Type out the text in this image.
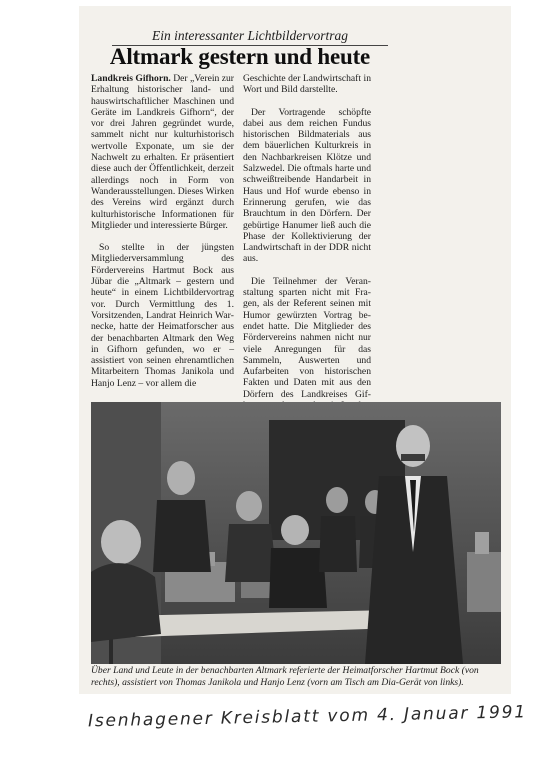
Ein interessanter Lichtbildervortrag
Altmark gestern und heute

Landkreis Gifhorn. Der „Verein zur Erhaltung historischer land- und hauswirtschaftlicher Maschinen und Geräte im Landkreis Gifhorn“, der vor drei Jahren gegründet wurde, sammelt nicht nur kulturhistorisch wertvolle Exponate, um sie der Nachwelt zu erhalten. Er präsentiert diese auch der Öffentlichkeit, derzeit allerdings noch in Form von Wanderausstellungen. Dieses Wirken des Vereins wird ergänzt durch kulturhistorische Informationen für Mitglieder und interessierte Bürger.

So stellte in der jüngsten Mitgliederversammlung des Fördervereins Hartmut Bock aus Jübar die „Altmark – gestern und heute“ in einem Lichtbildervortrag vor. Durch Vermittlung des 1. Vorsitzenden, Landrat Heinrich Warnecke, hatte der Heimatforscher aus der benachbarten Altmark den Weg in Gifhorn gefunden, wo er – assistiert von seinen ehrenamtlichen Mitarbeitern Thomas Janikola und Hanjo Lenz – vor allem die

Geschichte der Landwirtschaft in Wort und Bild darstellte.

Der Vortragende schöpfte dabei aus dem reichen Fundus historischen Bildmaterials aus dem bäuerlichen Kulturkreis in den Nachbarkreisen Klötze und Salzwedel. Die oftmals harte und schweißtreibende Handarbeit in Haus und Hof wurde ebenso in Erinnerung gerufen, wie das Brauchtum in den Dörfern. Der gebürtige Hanumer ließ auch die Phase der Kollektivierung der Landwirtschaft in der DDR nicht aus.

Die Teilnehmer der Veranstaltung sparten nicht mit Fragen, als der Referent seinen mit Humor gewürzten Vortrag beendet hatte. Die Mitglieder des Fördervereins nahmen nicht nur viele Anregungen für das Sammeln, Auswerten und Aufarbeiten von historischen Fakten und Daten mit aus den Dörfern des Landkreises Gif

Über Land und Leute in der benachbarten Altmark referierte der Heimatforscher Hartmut Bock (von rechts), assistiert von Thomas Janikola und Hanjo Lenz (vorn am Tisch am Dia-Gerät von links).
Isenhagener Kreisblatt vom 4. Januar 1991
